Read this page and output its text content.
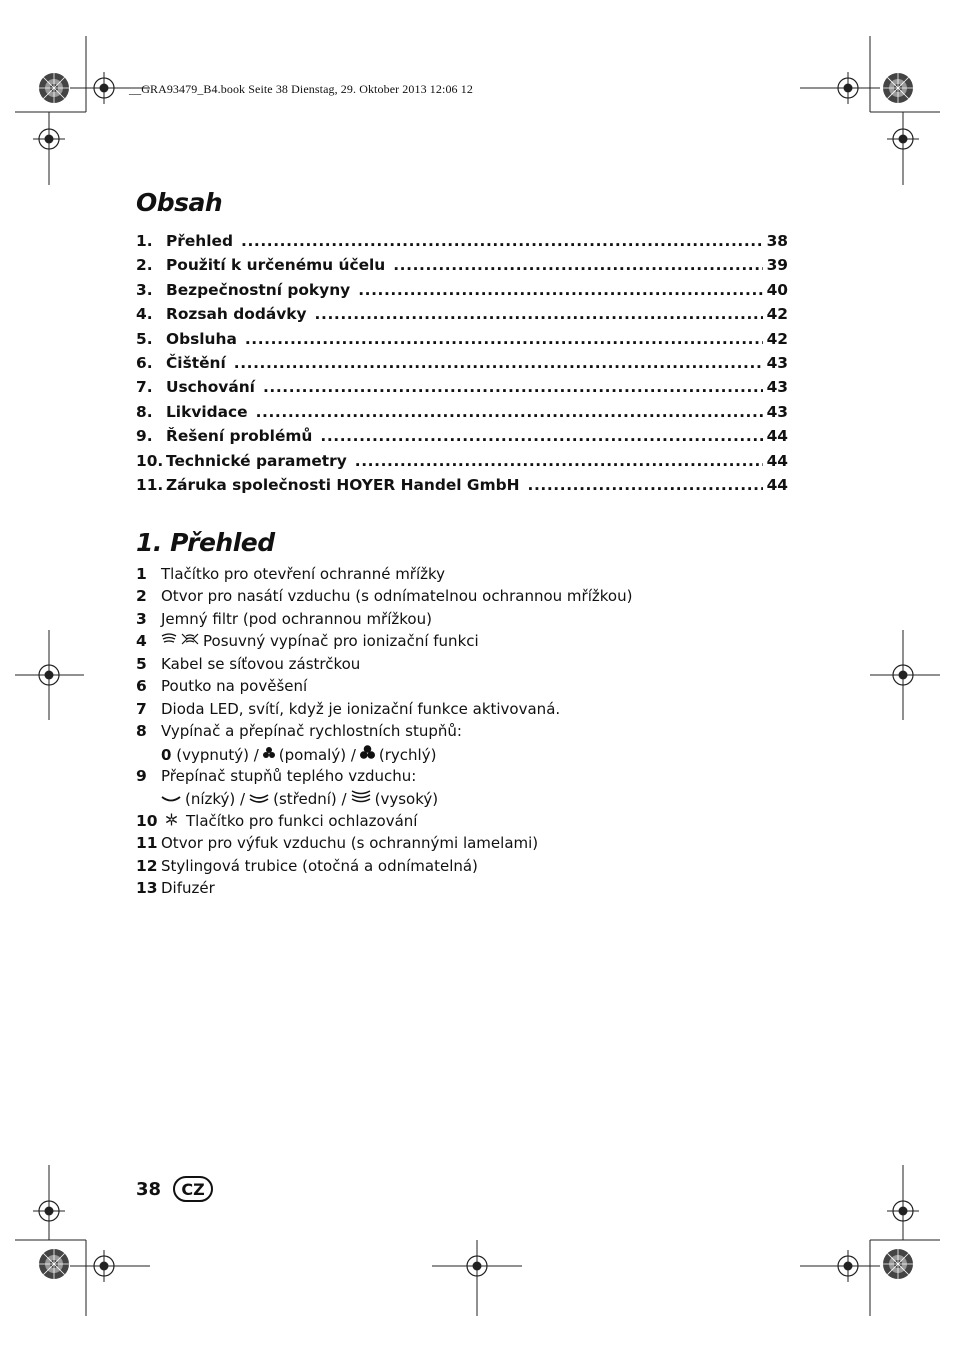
__GRA93479_B4.book Seite 38 Dienstag, 29. Oktober 2013 12:06 12
Obsah
1. Přehled .....	38
2. Použití k určenému účelu .....	39
3. Bezpečnostní pokyny .....	40
4. Rozsah dodávky .....	42
5. Obsluha .....	42
6. Čištění .....	43
7. Uschování .....	43
8. Likvidace .....	43
9. Řešení problémů .....	44
10. Technické parametry .....	44
11. Záruka společnosti HOYER Handel GmbH .....	44
1. Přehled
1 Tlačítko pro otevření ochranné mřížky
2 Otvor pro nasátí vzduchu (s odnímatelnou ochrannou mřížkou)
3 Jemný filtr (pod ochrannou mřížkou)
4	Posuvný vypínač pro ionizační funkci
5 Kabel se síťovou zástrčkou
6 Poutko na pověšení
7 Dioda LED, svítí, když je ionizační funkce aktivovaná.
8 Vypínač a přepínač rychlostních stupňů:
0
(vypnutý) / (pomalý) / (rychlý)
9 Přepínač stupňů teplého vzduchu:
(nízký) / (střední) / (vysoký)
10 Tlačítko pro funkci ochlazování
11 Otvor pro výfuk vzduchu (s ochrannými lamelami)
12 Stylingová trubice (otočná a odnímatelná)
13 Difuzér
38	CZ
